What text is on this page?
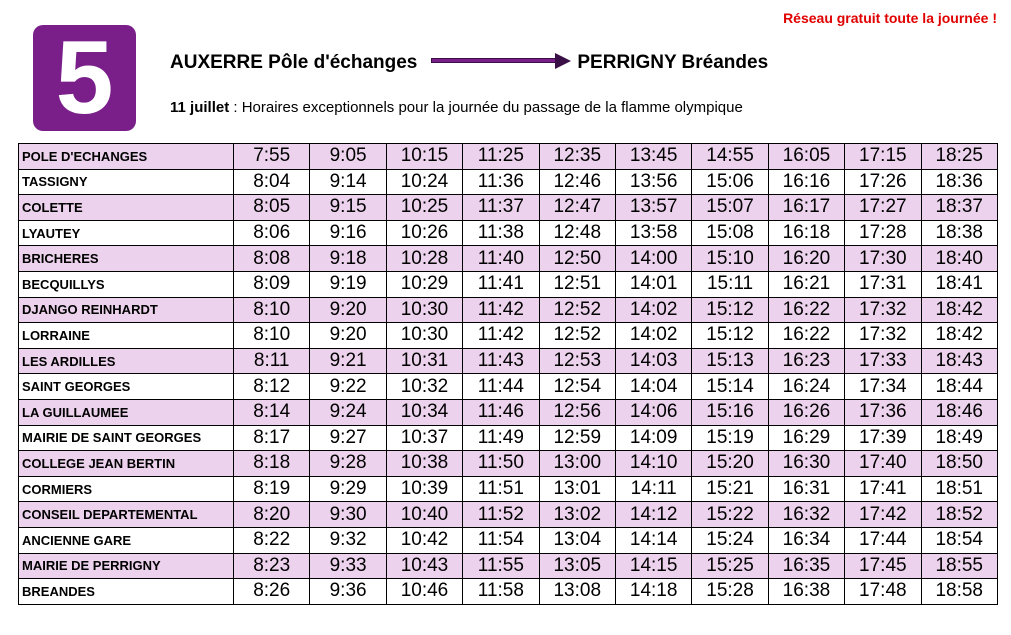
Réseau gratuit toute la journée !
5	AUXERRE Pôle d'échanges	PERRIGNY Bréandes
11 juillet : Horaires exceptionnels pour la journée du passage de la flamme olympique
POLE D'ECHANGES	7:55	9:05	10:15	11:25	12:35	13:45	14:55	16:05	17:15	18:25
TASSIGNY	8:04	9:14	10:24	11:36	12:46	13:56	15:06	16:16	17:26	18:36
COLETTE	8:05	9:15	10:25	11:37	12:47	13:57	15:07	16:17	17:27	18:37
LYAUTEY	8:06	9:16	10:26	11:38	12:48	13:58	15:08	16:18	17:28	18:38
BRICHERES	8:08	9:18	10:28	11:40	12:50	14:00	15:10	16:20	17:30	18:40
BECQUILLYS	8:09	9:19	10:29	11:41	12:51	14:01	15:11	16:21	17:31	18:41
DJANGO REINHARDT	8:10	9:20	10:30	11:42	12:52	14:02	15:12	16:22	17:32	18:42
LORRAINE	8:10	9:20	10:30	11:42	12:52	14:02	15:12	16:22	17:32	18:42
LES ARDILLES	8:11	9:21	10:31	11:43	12:53	14:03	15:13	16:23	17:33	18:43
SAINT GEORGES	8:12	9:22	10:32	11:44	12:54	14:04	15:14	16:24	17:34	18:44
LA GUILLAUMEE	8:14	9:24	10:34	11:46	12:56	14:06	15:16	16:26	17:36	18:46
MAIRIE DE SAINT GEORGES	8:17	9:27	10:37	11:49	12:59	14:09	15:19	16:29	17:39	18:49
COLLEGE JEAN BERTIN	8:18	9:28	10:38	11:50	13:00	14:10	15:20	16:30	17:40	18:50
CORMIERS	8:19	9:29	10:39	11:51	13:01	14:11	15:21	16:31	17:41	18:51
CONSEIL DEPARTEMENTAL	8:20	9:30	10:40	11:52	13:02	14:12	15:22	16:32	17:42	18:52
ANCIENNE GARE	8:22	9:32	10:42	11:54	13:04	14:14	15:24	16:34	17:44	18:54
MAIRIE DE PERRIGNY	8:23	9:33	10:43	11:55	13:05	14:15	15:25	16:35	17:45	18:55
BREANDES	8:26	9:36	10:46	11:58	13:08	14:18	15:28	16:38	17:48	18:58
